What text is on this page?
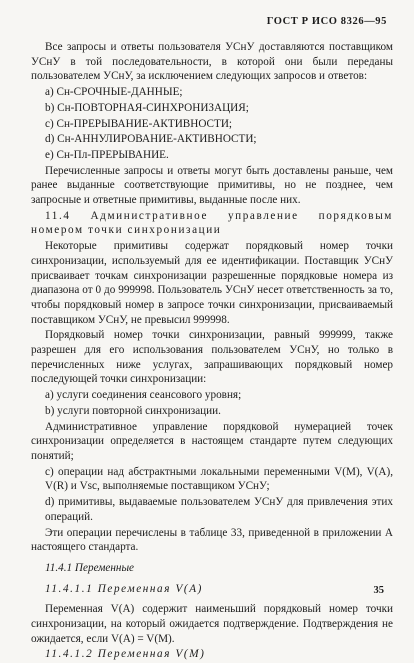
ГОСТ Р ИСО 8326—95

Все запросы и ответы пользователя УСнУ доставляются поставщиком УСнУ в той последовательности, в которой они были переданы пользователем УСнУ, за исключением следующих запросов и ответов:

а) Сн-СРОЧНЫЕ-ДАННЫЕ;

b) Сн-ПОВТОРНАЯ-СИНХРОНИЗАЦИЯ;

c) Сн-ПРЕРЫВАНИЕ-АКТИВНОСТИ;

d) Сн-АННУЛИРОВАНИЕ-АКТИВНОСТИ;

е) Сн-Пл-ПРЕРЫВАНИЕ.

Перечисленные запросы и ответы могут быть доставлены раньше, чем ранее выданные соответствующие примитивы, но не позднее, чем запросные и ответные примитивы, выданные после них.

11.4 Административное управление порядковым номером точки синхронизации

Некоторые примитивы содержат порядковый номер точки синхронизации, используемый для ее идентификации. Поставщик УСнУ присваивает точкам синхронизации разрешенные порядковые номера из диапазона от 0 до 999998. Пользователь УСнУ несет ответственность за то, чтобы порядковый номер в запросе точки синхронизации, присваиваемый поставщиком УСнУ, не превысил 999998.

Порядковый номер точки синхронизации, равный 999999, также разрешен для его использования пользователем УСнУ, но только в перечисленных ниже услугах, запрашивающих порядковый номер последующей точки синхронизации:

а) услуги соединения сеансового уровня;

b) услуги повторной синхронизации.

Административное управление порядковой нумерацией точек синхронизации определяется в настоящем стандарте путем следующих понятий;

c) операции над абстрактными локальными переменными V(M), V(A), V(R) и Vsc, выполняемые поставщиком УСнУ;

d) примитивы, выдаваемые пользователем УСнУ для привлечения этих операций.

Эти операции перечислены в таблице 33, приведенной в приложении А настоящего стандарта.

11.4.1 Переменные

11.4.1.1 Переменная V(A)

Переменная V(A) содержит наименьший порядковый номер точки синхронизации, на который ожидается подтверждение. Подтверждения не ожидается, если V(A) = V(M).

11.4.1.2 Переменная V(M)

35
